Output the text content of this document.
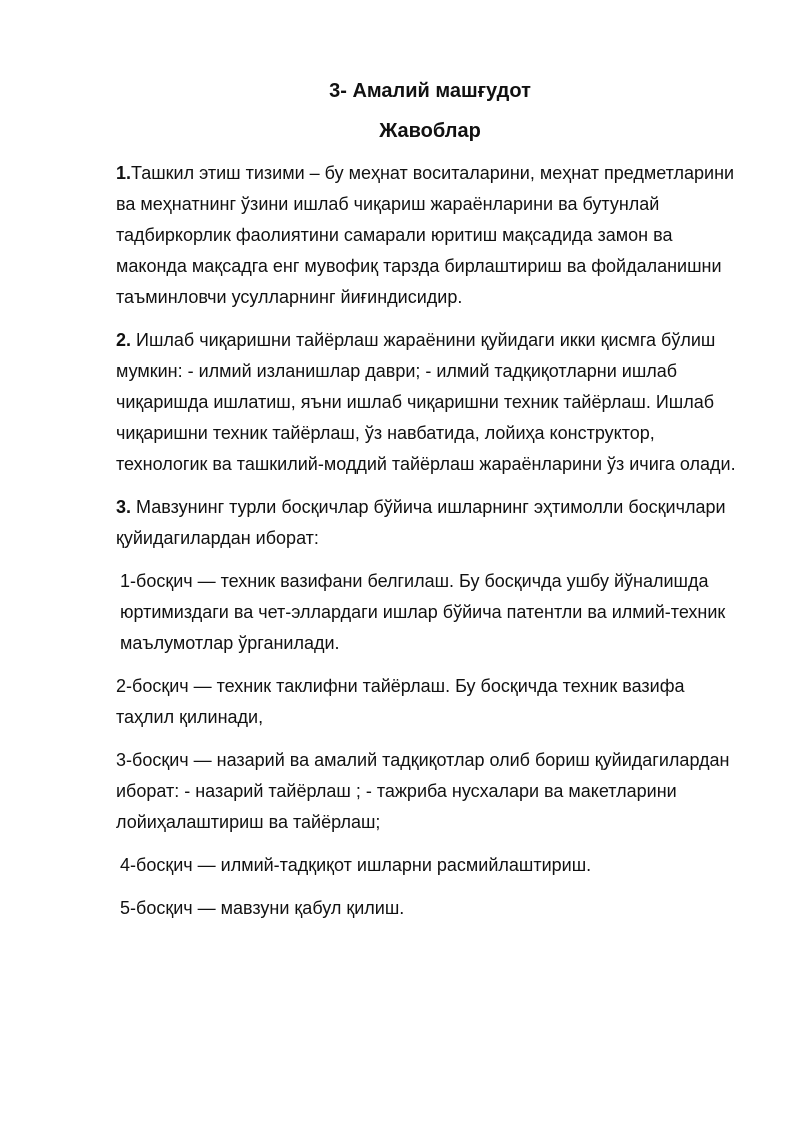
3- Амалий машғудот
Жавоблар

1.Ташкил этиш тизими – бу меҳнат воситаларини, меҳнат предметларини ва меҳнатнинг ўзини ишлаб чиқариш жараёнларини ва бутунлай тадбиркорлик фаолиятини самарали юритиш мақсадида замон ва маконда мақсадга енг мувофиқ тарзда бирлаштириш ва фойдаланишни таъминловчи усулларнинг йиғиндисидир.

2. Ишлаб чиқаришни тайёрлаш жараёнини қуйидаги икки қисмга бўлиш мумкин: - илмий изланишлар даври; - илмий тадқиқотларни ишлаб чиқаришда ишлатиш, яъни ишлаб чиқаришни техник тайёрлаш. Ишлаб чиқаришни техник тайёрлаш, ўз навбатида, лойиҳа конструктор, технологик ва ташкилий-моддий тайёрлаш жараёнларини ўз ичига олади.

3. Мавзунинг турли босқичлар бўйича ишларнинг эҳтимолли босқичлари қуйидагилардан иборат:

1-босқич — техник вазифани белгилаш. Бу босқичда ушбу йўналишда юртимиздаги ва чет-эллардаги ишлар бўйича патентли ва илмий-техник маълумотлар ўрганилади.

2-босқич — техник таклифни тайёрлаш. Бу босқичда техник вазифа таҳлил қилинади,

3-босқич — назарий ва амалий тадқиқотлар олиб бориш қуйидагилардан иборат: - назарий тайёрлаш ; - тажриба нусхалари ва макетларини лойиҳалаштириш ва тайёрлаш;

4-босқич — илмий-тадқиқот ишларни расмийлаштириш.

5-босқич — мавзуни қабул қилиш.
